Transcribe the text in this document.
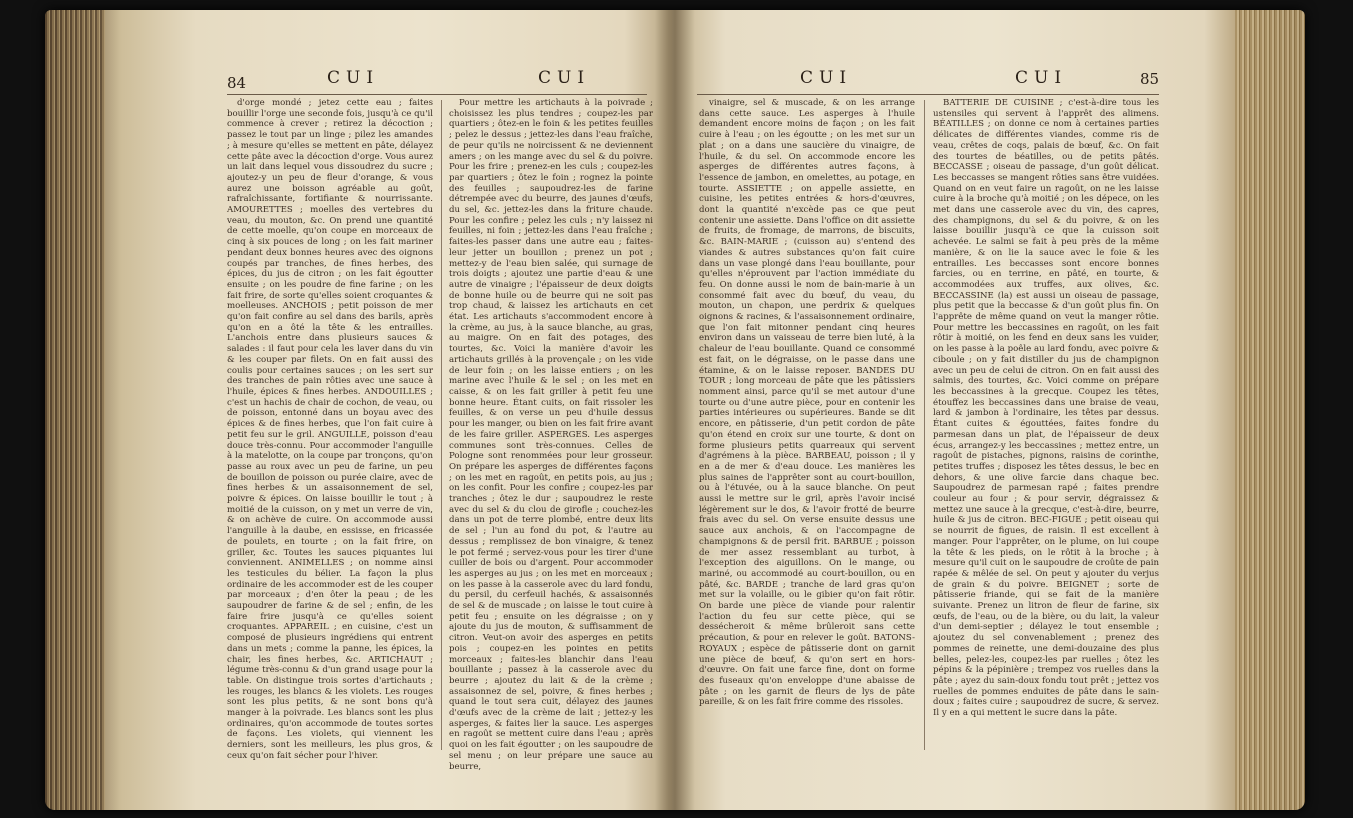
84	CUI	CUI

d'orge mondé ; jetez cette eau ; faites bouillir l'orge une seconde fois, jusqu'à ce qu'il commence à crever ; retirez la décoction ; passez le tout par un linge ; pilez les amandes ; à mesure qu'elles se mettent en pâte, délayez cette pâte avec la décoction d'orge. Vous aurez un lait dans lequel vous dissoudrez du sucre ; ajoutez-y un peu de fleur d'orange, & vous aurez une boisson agréable au goût, rafraîchissante, fortifiante & nourrissante. AMOURETTES ; moelles des vertebres du veau, du mouton, &c. On prend une quantité de cette moelle, qu'on coupe en morceaux de cinq à six pouces de long ; on les fait mariner pendant deux bonnes heures avec des oignons coupés par tranches, de fines herbes, des épices, du jus de citron ; on les fait égoutter ensuite ; on les poudre de fine farine ; on les fait frire, de sorte qu'elles soient croquantes & moelleuses. ANCHOIS ; petit poisson de mer qu'on fait confire au sel dans des barils, après qu'on en a ôté la tête & les entrailles. L'anchois entre dans plusieurs sauces & salades : il faut pour cela les laver dans du vin & les couper par filets. On en fait aussi des coulis pour certaines sauces ; on les sert sur des tranches de pain rôties avec une sauce à l'huile, épices & fines herbes. ANDOUILLES ; c'est un hachis de chair de cochon, de veau, ou de poisson, entonné dans un boyau avec des épices & de fines herbes, que l'on fait cuire à petit feu sur le gril. ANGUILLE, poisson d'eau douce très-connu. Pour accommoder l'anguille à la matelotte, on la coupe par tronçons, qu'on passe au roux avec un peu de farine, un peu de bouillon de poisson ou purée claire, avec de fines herbes & un assaisonnement de sel, poivre & épices. On laisse bouillir le tout ; à moitié de la cuisson, on y met un verre de vin, & on achève de cuire. On accommode aussi l'anguille à la daube, en essisse, en fricassée de poulets, en tourte ; on la fait frire, on griller, &c. Toutes les sauces piquantes lui conviennent. ANIMELLES ; on nomme ainsi les testicules du bélier. La façon la plus ordinaire de les accommoder est de les couper par morceaux ; d'en ôter la peau ; de les saupoudrer de farine & de sel ; enfin, de les faire frire jusqu'à ce qu'elles soient croquantes. APPAREIL ; en cuisine, c'est un composé de plusieurs ingrédiens qui entrent dans un mets ; comme la panne, les épices, la chair, les fines herbes, &c. ARTICHAUT ; légume très-connu & d'un grand usage pour la table. On distingue trois sortes d'artichauts ; les rouges, les blancs & les violets. Les rouges sont les plus petits, & ne sont bons qu'à manger à la poivrade. Les blancs sont les plus ordinaires, qu'on accommode de toutes sortes de façons. Les violets, qui viennent les derniers, sont les meilleurs, les plus gros, & ceux qu'on fait sécher pour l'hiver.

Pour mettre les artichauts à la poivrade ; choisissez les plus tendres ; coupez-les par quartiers ; ôtez-en le foin & les petites feuilles ; pelez le dessus ; jettez-les dans l'eau fraîche, de peur qu'ils ne noircissent & ne deviennent amers ; on les mange avec du sel & du poivre. Pour les frire ; prenez-en les culs ; coupez-les par quartiers ; ôtez le foin ; rognez la pointe des feuilles ; saupoudrez-les de farine détrempée avec du beurre, des jaunes d'œufs, du sel, &c. jettez-les dans la friture chaude. Pour les confire ; pelez les culs ; n'y laissez ni feuilles, ni foin ; jettez-les dans l'eau fraîche ; faites-les passer dans une autre eau ; faites-leur jetter un bouillon ; prenez un pot ; mettez-y de l'eau bien salée, qui surnage de trois doigts ; ajoutez une partie d'eau & une autre de vinaigre ; l'épaisseur de deux doigts de bonne huile ou de beurre qui ne soit pas trop chaud, & laissez les artichauts en cet état. Les artichauts s'accommodent encore à la crème, au jus, à la sauce blanche, au gras, au maigre. On en fait des potages, des tourtes, &c. Voici la manière d'avoir les artichauts grillés à la provençale ; on les vide de leur foin ; on les laisse entiers ; on les marine avec l'huile & le sel ; on les met en caisse, & on les fait griller à petit feu une bonne heure. Étant cuits, on fait rissoler les feuilles, & on verse un peu d'huile dessus pour les manger, ou bien on les fait frire avant de les faire griller. ASPERGES. Les asperges communes sont très-connues. Celles de Pologne sont renommées pour leur grosseur. On prépare les asperges de différentes façons ; on les met en ragoût, en petits pois, au jus ; on les confit. Pour les confire ; coupez-les par tranches ; ôtez le dur ; saupoudrez le reste avec du sel & du clou de girofle ; couchez-les dans un pot de terre plombé, entre deux lits de sel ; l'un au fond du pot, & l'autre au dessus ; remplissez de bon vinaigre, & tenez le pot fermé ; servez-vous pour les tirer d'une cuiller de bois ou d'argent. Pour accommoder les asperges au jus ; on les met en morceaux ; on les passe à la casserole avec du lard fondu, du persil, du cerfeuil hachés, & assaisonnés de sel & de muscade ; on laisse le tout cuire à petit feu ; ensuite on les dégraisse ; on y ajoute du jus de mouton, & suffisamment de citron. Veut-on avoir des asperges en petits pois ; coupez-en les pointes en petits morceaux ; faites-les blanchir dans l'eau bouillante ; passez à la casserole avec du beurre ; ajoutez du lait & de la crème ; assaisonnez de sel, poivre, & fines herbes ; quand le tout sera cuit, délayez des jaunes d'œufs avec de la crème de lait ; jettez-y les asperges, & faites lier la sauce. Les asperges en ragoût se mettent cuire dans l'eau ; après quoi on les fait égoutter ; on les saupoudre de sel menu ; on leur prépare une sauce au beurre,

CUI	CUI	85

vinaigre, sel & muscade, & on les arrange dans cette sauce. Les asperges à l'huile demandent encore moins de façon ; on les fait cuire à l'eau ; on les égoutte ; on les met sur un plat ; on a dans une saucière du vinaigre, de l'huile, & du sel. On accommode encore les asperges de différentes autres façons, à l'essence de jambon, en omelettes, au potage, en tourte. ASSIETTE ; on appelle assiette, en cuisine, les petites entrées & hors-d'œuvres, dont la quantité n'excède pas ce que peut contenir une assiette. Dans l'office on dit assiette de fruits, de fromage, de marrons, de biscuits, &c. BAIN-MARIE ; (cuisson au) s'entend des viandes & autres substances qu'on fait cuire dans un vase plongé dans l'eau bouillante, pour qu'elles n'éprouvent par l'action immédiate du feu. On donne aussi le nom de bain-marie à un consommé fait avec du bœuf, du veau, du mouton, un chapon, une perdrix & quelques oignons & racines, & l'assaisonnement ordinaire, que l'on fait mitonner pendant cinq heures environ dans un vaisseau de terre bien luté, à la chaleur de l'eau bouillante. Quand ce consommé est fait, on le dégraisse, on le passe dans une étamine, & on le laisse reposer. BANDES DU TOUR ; long morceau de pâte que les pâtissiers nomment ainsi, parce qu'il se met autour d'une tourte ou d'une autre pièce, pour en contenir les parties intérieures ou supérieures. Bande se dit encore, en pâtisserie, d'un petit cordon de pâte qu'on étend en croix sur une tourte, & dont on forme plusieurs petits quarreaux qui servent d'agrémens à la pièce. BARBEAU, poisson ; il y en a de mer & d'eau douce. Les manières les plus saines de l'apprêter sont au court-bouillon, ou à l'étuvée, ou à la sauce blanche. On peut aussi le mettre sur le gril, après l'avoir incisé légèrement sur le dos, & l'avoir frotté de beurre frais avec du sel. On verse ensuite dessus une sauce aux anchois, & on l'accompagne de champignons & de persil frit. BARBUE ; poisson de mer assez ressemblant au turbot, à l'exception des aiguillons. On le mange, ou mariné, ou accommodé au court-bouillon, ou en pâté, &c. BARDE ; tranche de lard gras qu'on met sur la volaille, ou le gibier qu'on fait rôtir. On barde une pièce de viande pour ralentir l'action du feu sur cette pièce, qui se dessécheroit & même brûleroit sans cette précaution, & pour en relever le goût. BATONS-ROYAUX ; espèce de pâtisserie dont on garnit une pièce de bœuf, & qu'on sert en hors-d'œuvre. On fait une farce fine, dont on forme des fuseaux qu'on enveloppe d'une abaisse de pâte ; on les garnit de fleurs de lys de pâte pareille, & on les fait frire comme des rissoles.

BATTERIE DE CUISINE ; c'est-à-dire tous les ustensiles qui servent à l'apprêt des alimens. BÉATILLES ; on donne ce nom à certaines parties délicates de différentes viandes, comme ris de veau, crêtes de coqs, palais de bœuf, &c. On fait des tourtes de béatilles, ou de petits pâtés. BECCASSE ; oiseau de passage, d'un goût délicat. Les beccasses se mangent rôties sans être vuidées. Quand on en veut faire un ragoût, on ne les laisse cuire à la broche qu'à moitié ; on les dépece, on les met dans une casserole avec du vin, des capres, des champignons, du sel & du poivre, & on les laisse bouillir jusqu'à ce que la cuisson soit achevée. Le salmi se fait à peu près de la même manière, & on lie la sauce avec le foie & les entrailles. Les beccasses sont encore bonnes farcies, ou en terrine, en pâté, en tourte, & accommodées aux truffes, aux olives, &c. BECCASSINE (la) est aussi un oiseau de passage, plus petit que la beccasse & d'un goût plus fin. On l'apprête de même quand on veut la manger rôtie. Pour mettre les beccassines en ragoût, on les fait rôtir à moitié, on les fend en deux sans les vuider, on les passe à la poêle au lard fondu, avec poivre & ciboule ; on y fait distiller du jus de champignon avec un peu de celui de citron. On en fait aussi des salmis, des tourtes, &c. Voici comme on prépare les beccassines à la grecque. Coupez les têtes, étouffez les beccassines dans une braise de veau, lard & jambon à l'ordinaire, les têtes par dessus. Étant cuites & égouttées, faites fondre du parmesan dans un plat, de l'épaisseur de deux écus, arrangez-y les beccassines ; mettez entre, un ragoût de pistaches, pignons, raisins de corinthe, petites truffes ; disposez les têtes dessus, le bec en dehors, & une olive farcie dans chaque bec. Saupoudrez de parmesan rapé ; faites prendre couleur au four ; & pour servir, dégraissez & mettez une sauce à la grecque, c'est-à-dire, beurre, huile & jus de citron. BEC-FIGUE ; petit oiseau qui se nourrit de figues, de raisin. Il est excellent à manger. Pour l'apprêter, on le plume, on lui coupe la tête & les pieds, on le rôtit à la broche ; à mesure qu'il cuit on le saupoudre de croûte de pain rapée & mêlée de sel. On peut y ajouter du verjus de grain & du poivre. BEIGNET ; sorte de pâtisserie friande, qui se fait de la manière suivante. Prenez un litron de fleur de farine, six œufs, de l'eau, ou de la bière, ou du lait, la valeur d'un demi-septier ; délayez le tout ensemble ; ajoutez du sel convenablement ; prenez des pommes de reinette, une demi-douzaine des plus belles, pelez-les, coupez-les par ruelles ; ôtez les pépins & la pépinière ; trempez vos ruelles dans la pâte ; ayez du sain-doux fondu tout prêt ; jettez vos ruelles de pommes enduites de pâte dans le sain-doux ; faites cuire ; saupoudrez de sucre, & servez. Il y en a qui mettent le sucre dans la pâte.
